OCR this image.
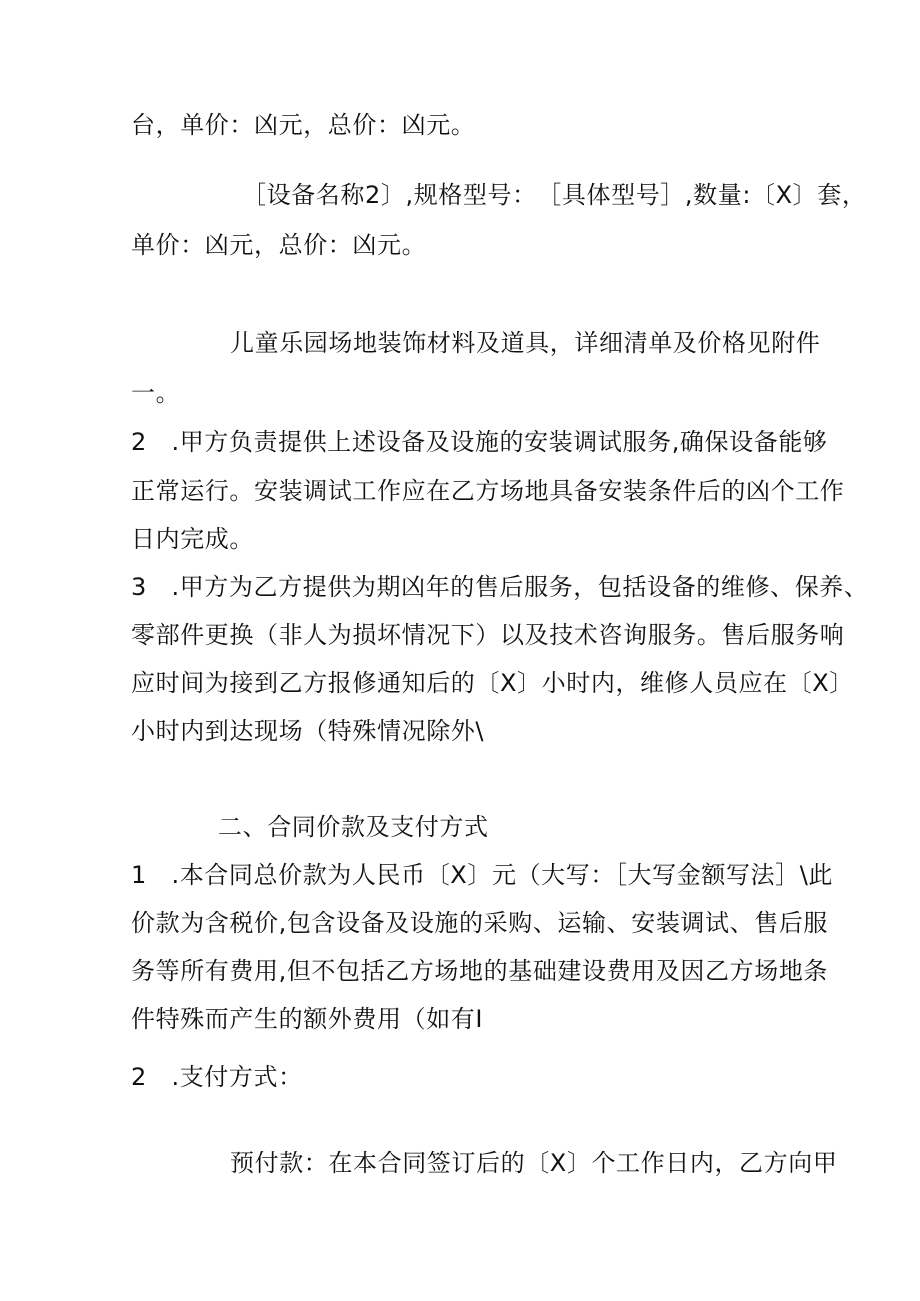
台，单价：凶元，总价：凶元。
［设备名称2〕,规格型号：　［具体型号］,数量:〔X〕套，
单价：凶元，总价：凶元。
儿童乐园场地装饰材料及道具，详细清单及价格见附件
一。
2　.甲方负责提供上述设备及设施的安装调试服务,确保设备能够
正常运行。安装调试工作应在乙方场地具备安装条件后的凶个工作
日内完成。
3　.甲方为乙方提供为期凶年的售后服务，包括设备的维修、保养、
零部件更换（非人为损坏情况下）以及技术咨询服务。售后服务响
应时间为接到乙方报修通知后的〔X〕小时内，维修人员应在〔X〕
小时内到达现场（特殊情况除外\
二、合同价款及支付方式
1　.本合同总价款为人民币〔X〕元（大写：［大写金额写法］\此
价款为含税价,包含设备及设施的采购、运输、安装调试、售后服
务等所有费用,但不包括乙方场地的基础建设费用及因乙方场地条
件特殊而产生的额外费用（如有I
2　.支付方式：
预付款：在本合同签订后的〔X〕个工作日内，乙方向甲
